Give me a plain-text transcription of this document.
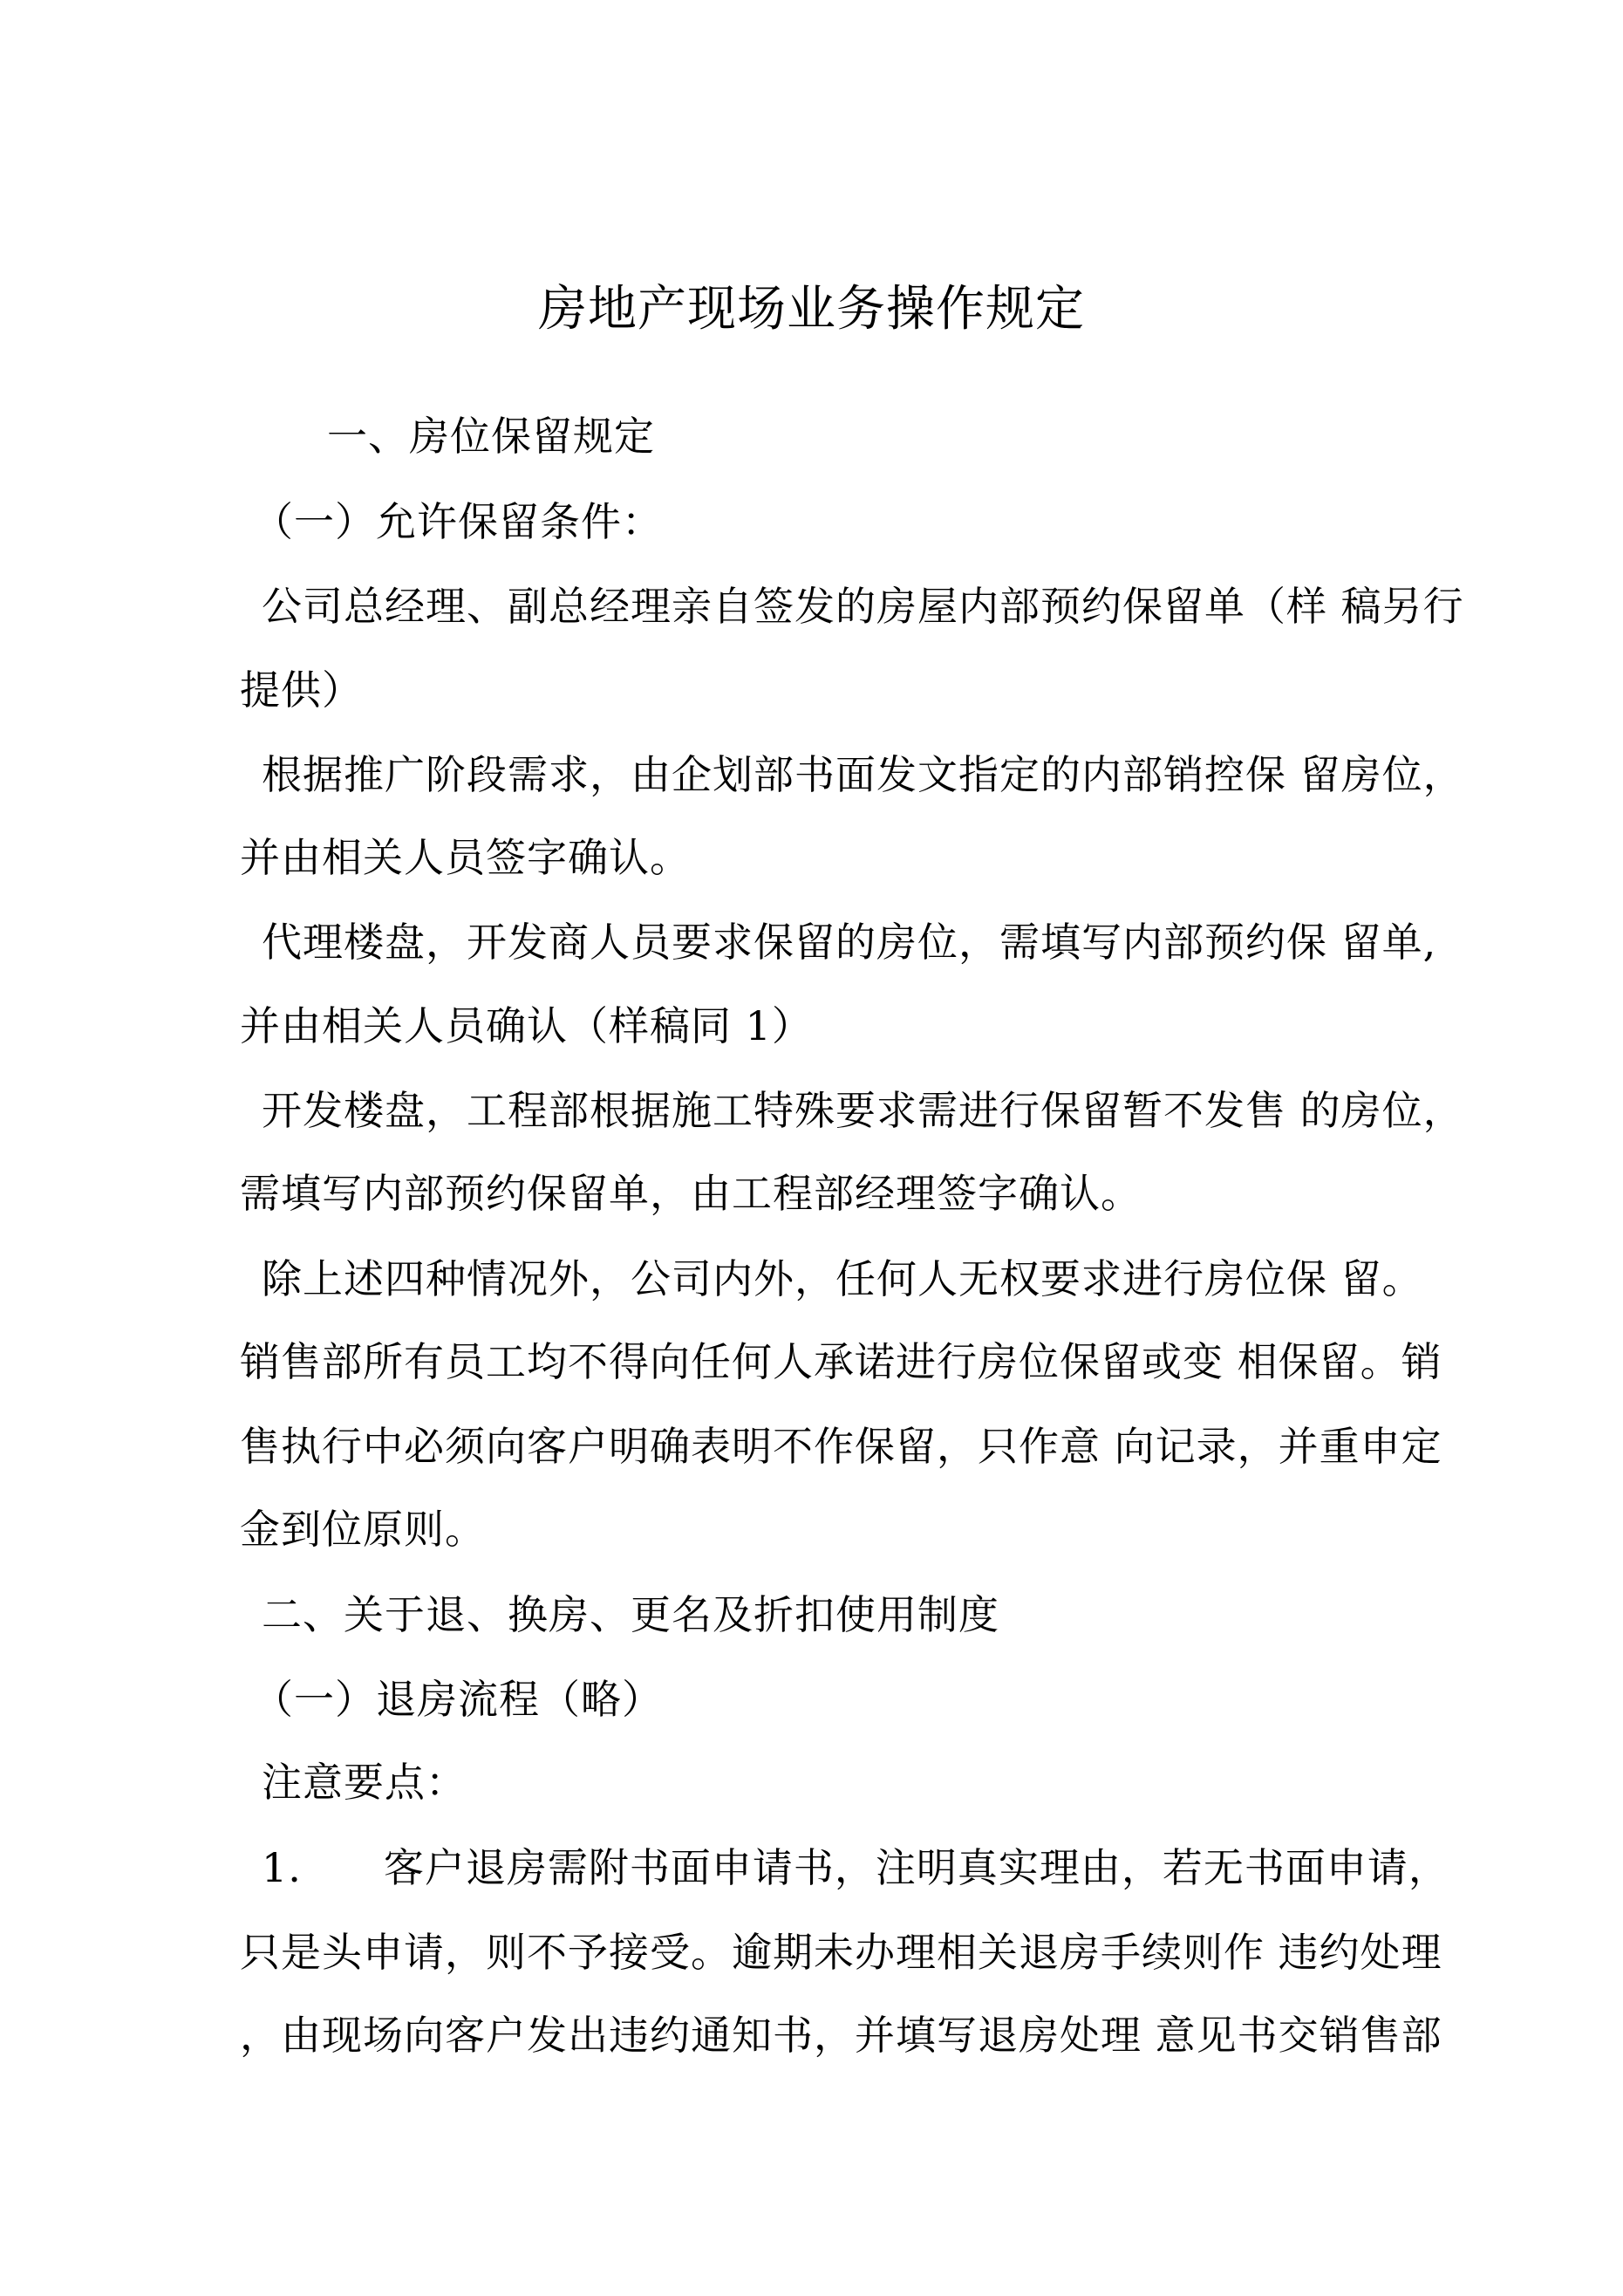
房地产现场业务操作规定
一、房位保留规定
（一）允许保留条件：
公司总经理、副总经理亲自签发的房屋内部预约保留单（样 稿另行
提供）
根据推广阶段需求，由企划部书面发文指定的内部销控保 留房位，
并由相关人员签字确认。
代理楼盘，开发商人员要求保留的房位，需填写内部预约保 留单,
并由相关人员确认（样稿同 1）
开发楼盘，工程部根据施工特殊要求需进行保留暂不发售 的房位，
需填写内部预约保留单，由工程部经理签字确认。
除上述四种情况外，公司内外，任何人无权要求进行房位保 留。
销售部所有员工均不得向任何人承诺进行房位保留或变 相保留。销
售执行中必须向客户明确表明不作保留，只作意 向记录，并重申定
金到位原则。
二、关于退、换房、更名及折扣使用制度
（一）退房流程（略）
注意要点：
1.　　客户退房需附书面申请书，注明真实理由，若无书面申请，
只是头申请，则不予接受。逾期未办理相关退房手续则作 违约处理
，由现场向客户发出违约通知书，并填写退房处理 意见书交销售部
